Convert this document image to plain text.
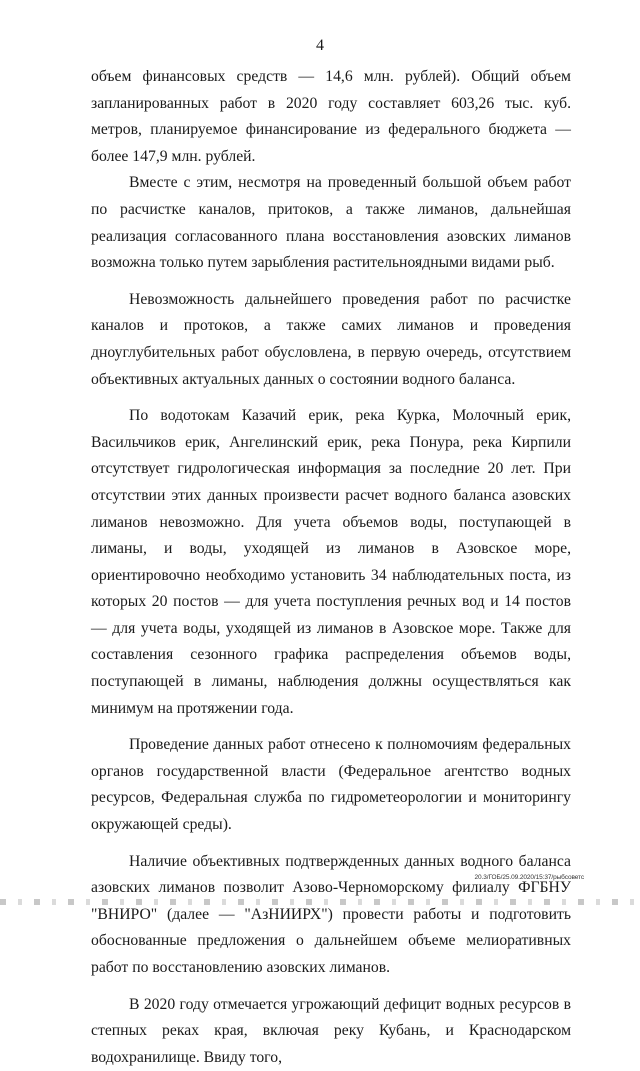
4

объем финансовых средств — 14,6 млн. рублей). Общий объем запланированных работ в 2020 году составляет 603,26 тыс. куб. метров, планируемое финансирование из федерального бюджета — более 147,9 млн. рублей.

Вместе с этим, несмотря на проведенный большой объем работ по расчистке каналов, притоков, а также лиманов, дальнейшая реализация согласованного плана восстановления азовских лиманов возможна только путем зарыбления растительноядными видами рыб.

Невозможность дальнейшего проведения работ по расчистке каналов и протоков, а также самих лиманов и проведения дноуглубительных работ обусловлена, в первую очередь, отсутствием объективных актуальных данных о состоянии водного баланса.

По водотокам Казачий ерик, река Курка, Молочный ерик, Васильчиков ерик, Ангелинский ерик, река Понура, река Кирпили отсутствует гидрологическая информация за последние 20 лет. При отсутствии этих данных произвести расчет водного баланса азовских лиманов невозможно. Для учета объемов воды, поступающей в лиманы, и воды, уходящей из лиманов в Азовское море, ориентировочно необходимо установить 34 наблюдательных поста, из которых 20 постов — для учета поступления речных вод и 14 постов — для учета воды, уходящей из лиманов в Азовское море. Также для составления сезонного графика распределения объемов воды, поступающей в лиманы, наблюдения должны осуществляться как минимум на протяжении года.

Проведение данных работ отнесено к полномочиям федеральных органов государственной власти (Федеральное агентство водных ресурсов, Федеральная служба по гидрометеорологии и мониторингу окружающей среды).

Наличие объективных подтвержденных данных водного баланса азовских лиманов позволит Азово-Черноморскому филиалу ФГБНУ "ВНИРО" (далее — "АзНИИРХ") провести работы и подготовить обоснованные предложения о дальнейшем объеме мелиоративных работ по восстановлению азовских лиманов.

В 2020 году отмечается угрожающий дефицит водных ресурсов в степных реках края, включая реку Кубань, и Краснодарском водохранилище. Ввиду того,

20.3/ГОБ/25.09.2020/15:37/рыбсоветс
